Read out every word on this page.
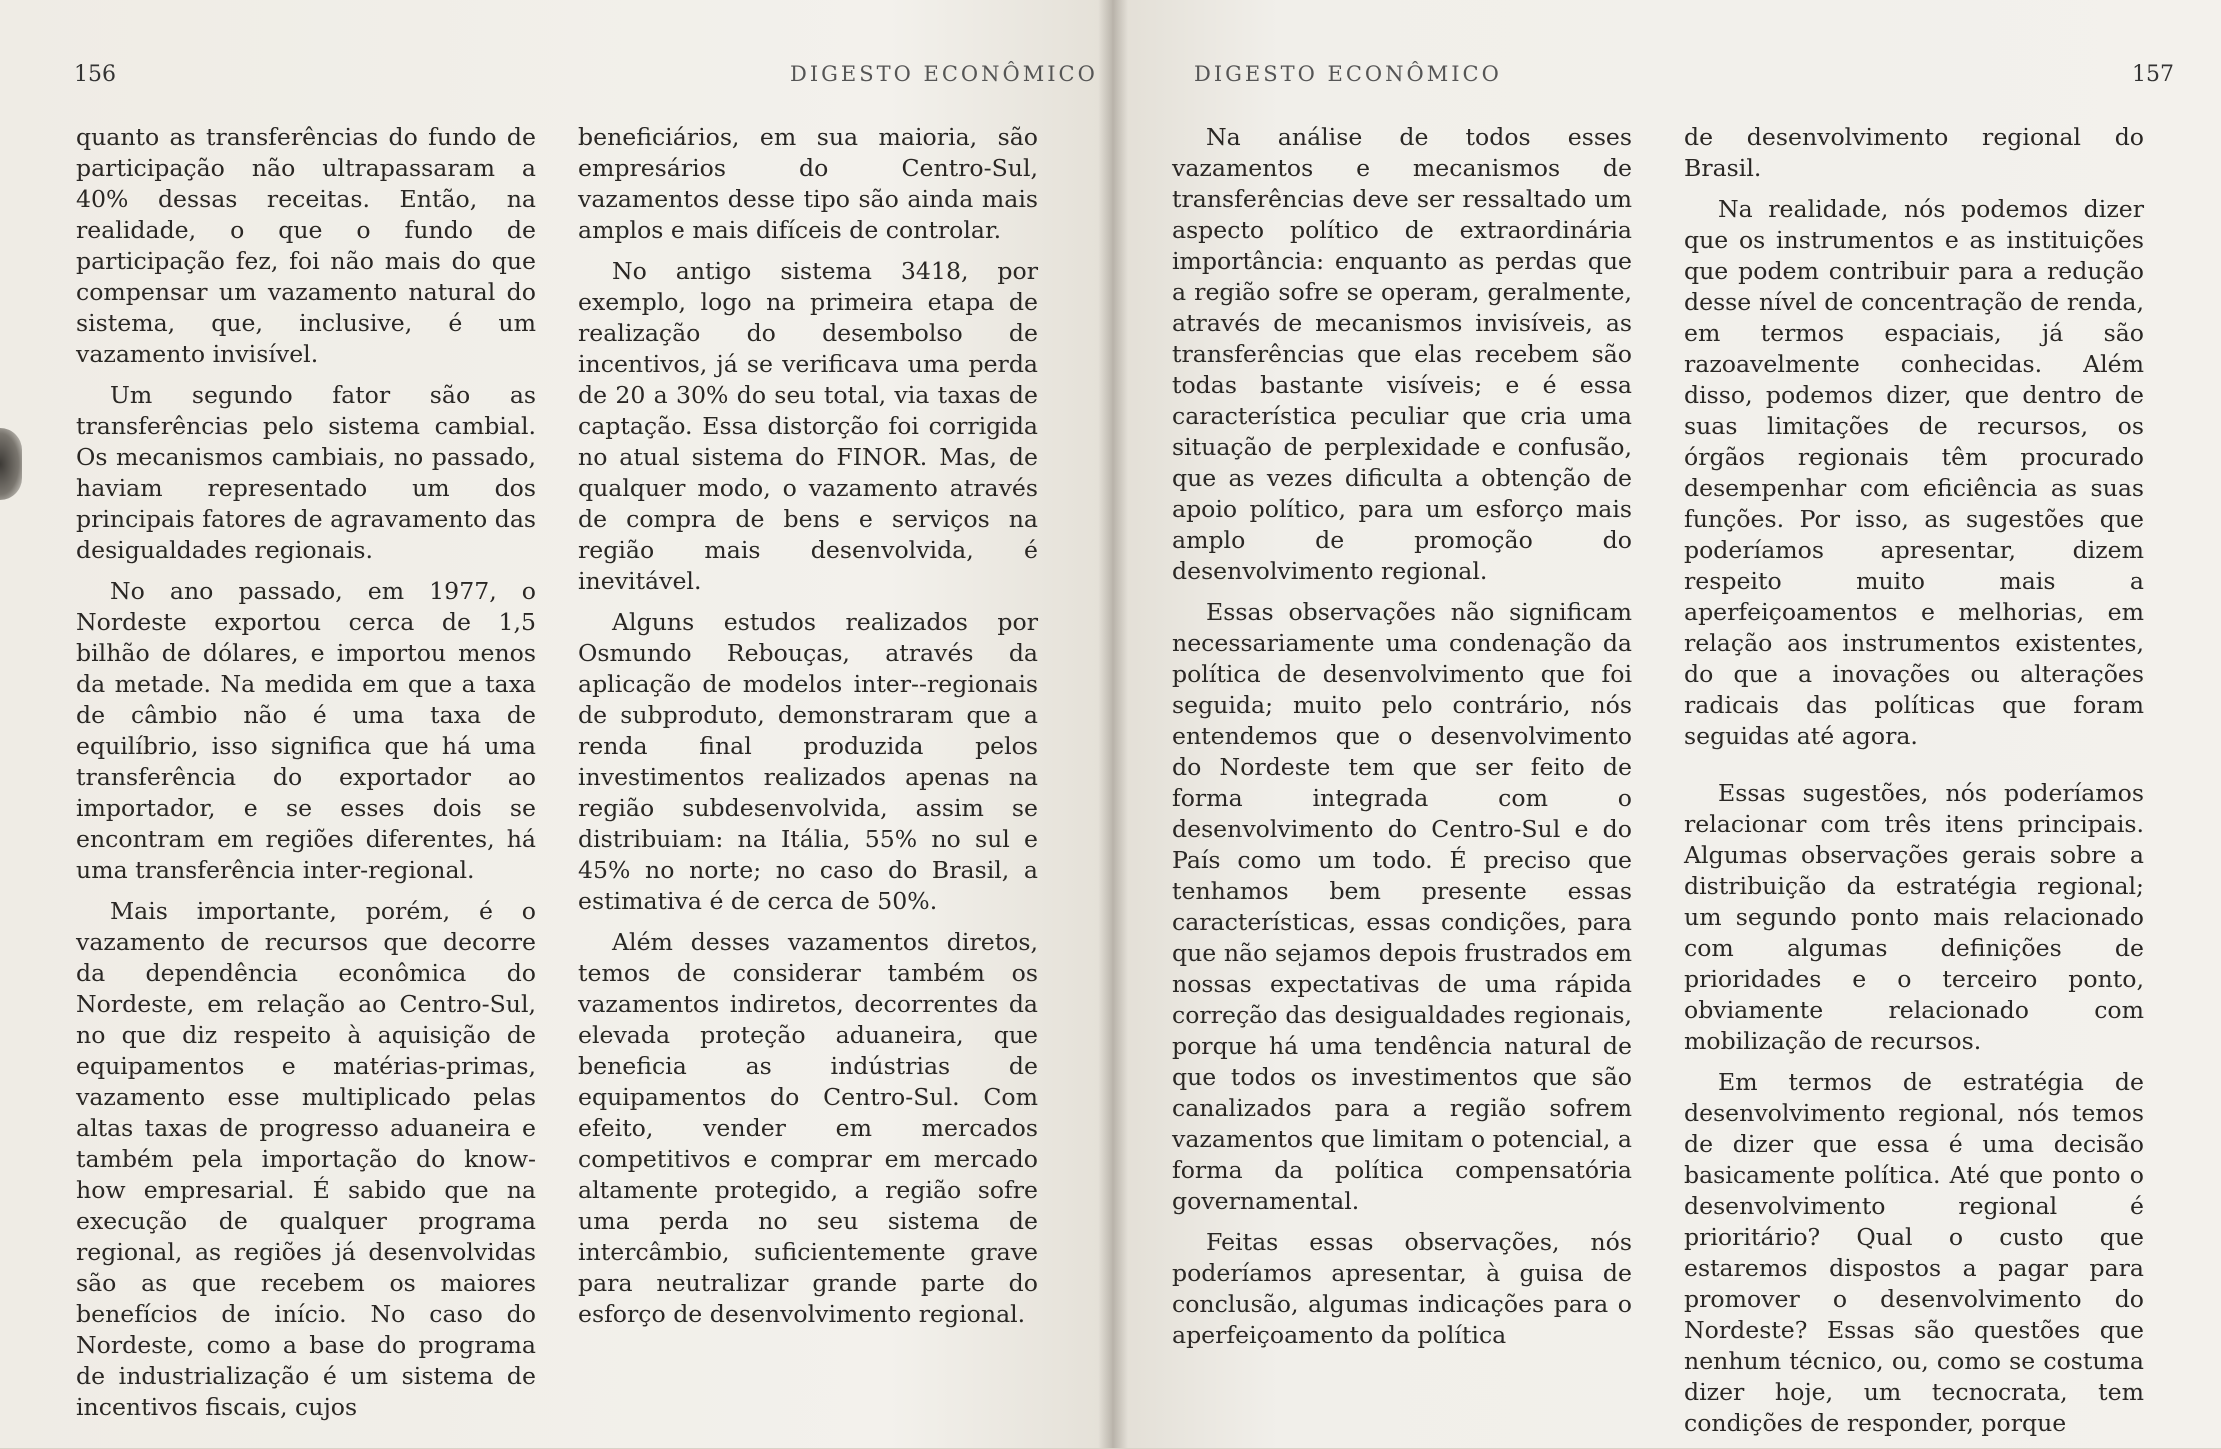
156	DIGESTO ECONÔMICO

quanto as transferências do fundo de participação não ultrapassaram a 40% dessas receitas. Então, na realidade, o que o fundo de participação fez, foi não mais do que compensar um vazamento natural do sistema, que, inclusive, é um vazamento invisível.

Um segundo fator são as transferências pelo sistema cambial. Os mecanismos cambiais, no passado, haviam representado um dos principais fatores de agravamento das desigualdades regionais.

No ano passado, em 1977, o Nordeste exportou cerca de 1,5 bilhão de dólares, e importou menos da metade. Na medida em que a taxa de câmbio não é uma taxa de equilíbrio, isso significa que há uma transferência do exportador ao importador, e se esses dois se encontram em regiões diferentes, há uma transferência inter-regional.

Mais importante, porém, é o vazamento de recursos que decorre da dependência econômica do Nordeste, em relação ao Centro-Sul, no que diz respeito à aquisição de equipamentos e matérias-primas, vazamento esse multiplicado pelas altas taxas de progresso aduaneira e também pela importação do know-how empresarial. É sabido que na execução de qualquer programa regional, as regiões já desenvolvidas são as que recebem os maiores benefícios de início. No caso do Nordeste, como a base do programa de industrialização é um sistema de incentivos fiscais, cujos

beneficiários, em sua maioria, são empresários do Centro-Sul, vazamentos desse tipo são ainda mais amplos e mais difíceis de controlar.

No antigo sistema 3418, por exemplo, logo na primeira etapa de realização do desembolso de incentivos, já se verificava uma perda de 20 a 30% do seu total, via taxas de captação. Essa distorção foi corrigida no atual sistema do FINOR. Mas, de qualquer modo, o vazamento através de compra de bens e serviços na região mais desenvolvida, é inevitável.

Alguns estudos realizados por Osmundo Rebouças, através da aplicação de modelos inter--regionais de subproduto, demonstraram que a renda final produzida pelos investimentos realizados apenas na região subdesenvolvida, assim se distribuiam: na Itália, 55% no sul e 45% no norte; no caso do Brasil, a estimativa é de cerca de 50%.

Além desses vazamentos diretos, temos de considerar também os vazamentos indiretos, decorrentes da elevada proteção aduaneira, que beneficia as indústrias de equipamentos do Centro-Sul. Com efeito, vender em mercados competitivos e comprar em mercado altamente protegido, a região sofre uma perda no seu sistema de intercâmbio, suficientemente grave para neutralizar grande parte do esforço de desenvolvimento regional.

DIGESTO ECONÔMICO	157

Na análise de todos esses vazamentos e mecanismos de transferências deve ser ressaltado um aspecto político de extraordinária importância: enquanto as perdas que a região sofre se operam, geralmente, através de mecanismos invisíveis, as transferências que elas recebem são todas bastante visíveis; e é essa característica peculiar que cria uma situação de perplexidade e confusão, que as vezes dificulta a obtenção de apoio político, para um esforço mais amplo de promoção do desenvolvimento regional.

Essas observações não significam necessariamente uma condenação da política de desenvolvimento que foi seguida; muito pelo contrário, nós entendemos que o desenvolvimento do Nordeste tem que ser feito de forma integrada com o desenvolvimento do Centro-Sul e do País como um todo. É preciso que tenhamos bem presente essas características, essas condições, para que não sejamos depois frustrados em nossas expectativas de uma rápida correção das desigualdades regionais, porque há uma tendência natural de que todos os investimentos que são canalizados para a região sofrem vazamentos que limitam o potencial, a forma da política compensatória governamental.

Feitas essas observações, nós poderíamos apresentar, à guisa de conclusão, algumas indicações para o aperfeiçoamento da política

de desenvolvimento regional do Brasil.

Na realidade, nós podemos dizer que os instrumentos e as instituições que podem contribuir para a redução desse nível de concentração de renda, em termos espaciais, já são razoavelmente conhecidas. Além disso, podemos dizer, que dentro de suas limitações de recursos, os órgãos regionais têm procurado desempenhar com eficiência as suas funções. Por isso, as sugestões que poderíamos apresentar, dizem respeito muito mais a aperfeiçoamentos e melhorias, em relação aos instrumentos existentes, do que a inovações ou alterações radicais das políticas que foram seguidas até agora.

Essas sugestões, nós poderíamos relacionar com três itens principais. Algumas observações gerais sobre a distribuição da estratégia regional; um segundo ponto mais relacionado com algumas definições de prioridades e o terceiro ponto, obviamente relacionado com mobilização de recursos.

Em termos de estratégia de desenvolvimento regional, nós temos de dizer que essa é uma decisão basicamente política. Até que ponto o desenvolvimento regional é prioritário? Qual o custo que estaremos dispostos a pagar para promover o desenvolvimento do Nordeste? Essas são questões que nenhum técnico, ou, como se costuma dizer hoje, um tecnocrata, tem condições de responder, porque
